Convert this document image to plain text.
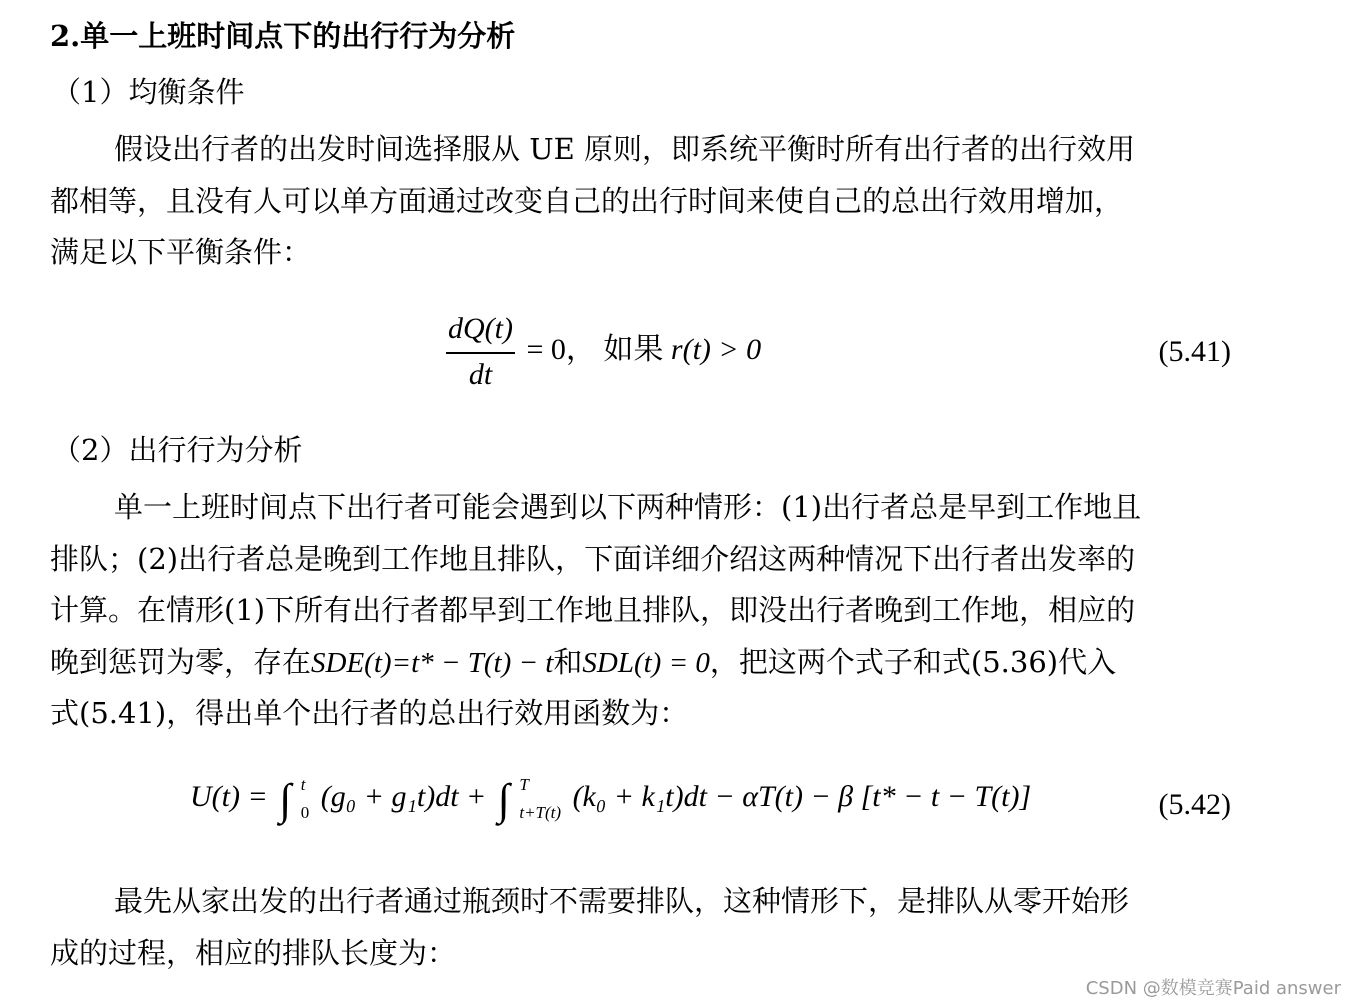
2.单一上班时间点下的出行行为分析
（1）均衡条件
假设出行者的出发时间选择服从 UE 原则，即系统平衡时所有出行者的出行效用
都相等，且没有人可以单方面通过改变自己的出行时间来使自己的总出行效用增加，
满足以下平衡条件：
$\frac{dQ(t)}{dt} = 0$， 如果 r(t) > 0	(5.41)
（2）出行行为分析
单一上班时间点下出行者可能会遇到以下两种情形：(1)出行者总是早到工作地且
排队；(2)出行者总是晚到工作地且排队，下面详细介绍这两种情况下出行者出发率的
计算。在情形(1)下所有出行者都早到工作地且排队，即没出行者晚到工作地，相应的
晚到惩罚为零，存在SDE(t)=t* − T(t) − t和SDL(t) = 0，把这两个式子和式(5.36)代入
式(5.41)，得出单个出行者的总出行效用函数为：
U(t) = ∫ t
0 (g₀ + g₁t)dt + ∫ T
t+T(t) (k₀ + k₁t)dt − αT(t) − β [t* − t − T(t)]	(5.42)
最先从家出发的出行者通过瓶颈时不需要排队，这种情形下，是排队从零开始形
成的过程，相应的排队长度为：
CSDN @数模竞赛Paid answer
